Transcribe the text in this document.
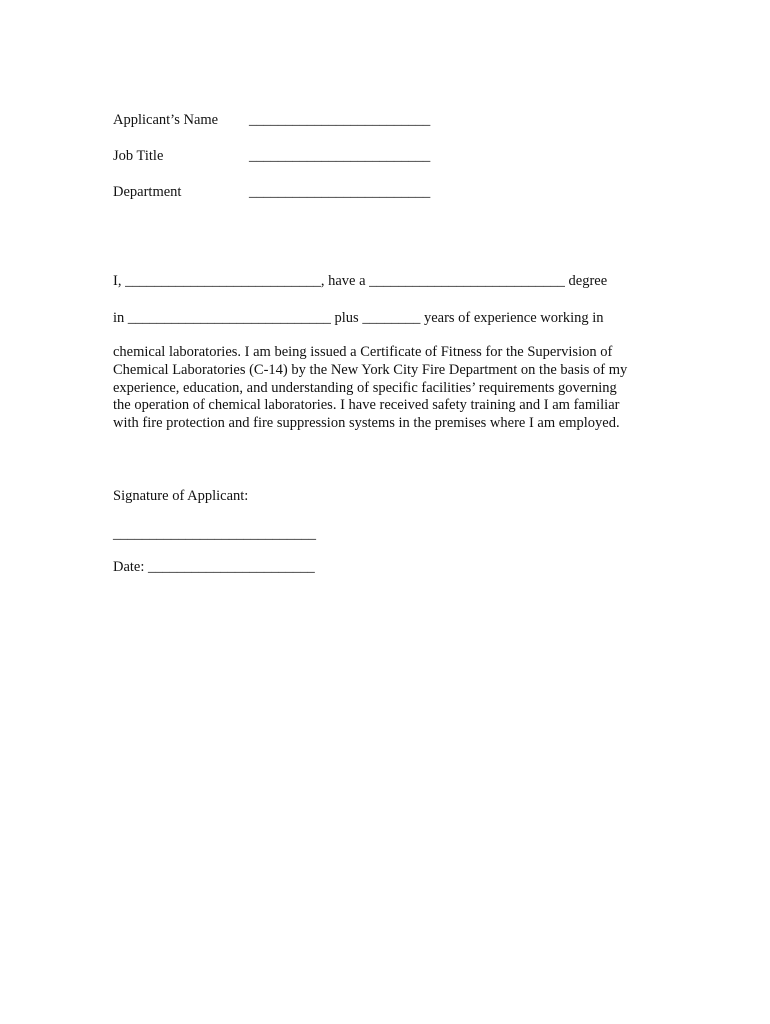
Applicant’s Name _________________________
Job Title	_________________________
Department	_________________________
I, ___________________________, have a ___________________________ degree
in ____________________________ plus ________ years of experience working in
chemical laboratories. I am being issued a Certificate of Fitness for the Supervision of
Chemical Laboratories (C-14) by the New York City Fire Department on the basis of my
experience, education, and understanding of specific facilities’ requirements governing
the operation of chemical laboratories. I have received safety training and I am familiar
with fire protection and fire suppression systems in the premises where I am employed.
Signature of Applicant:
____________________________
Date: _______________________
